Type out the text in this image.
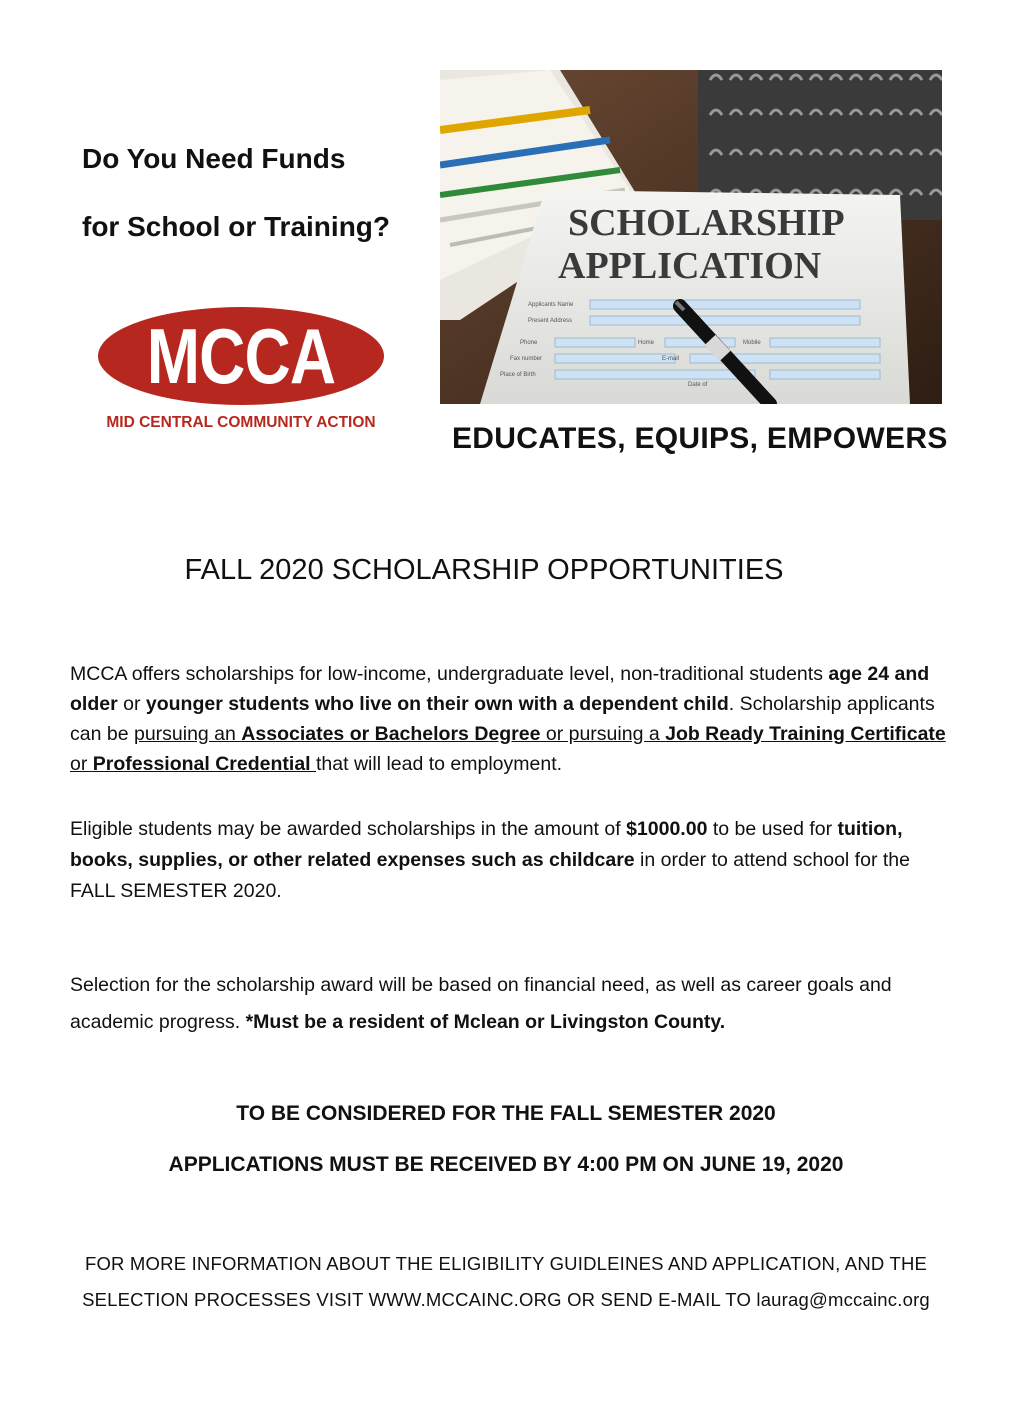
Do You Need Funds
for School or Training?
MCCA
MID CENTRAL COMMUNITY ACTION
Applicants Name
Present Address
Phone	Home	Mobile
Fax number	E-mail
Place of Birth
Date of
SCHOLARSHIP
APPLICATION
EDUCATES, EQUIPS, EMPOWERS
FALL 2020 SCHOLARSHIP OPPORTUNITIES
MCCA offers scholarships for low-income, undergraduate level, non-traditional students age 24 and older or younger students who live on their own with a dependent child. Scholarship applicants can be pursuing an Associates or Bachelors Degree or pursuing a Job Ready Training Certificate or Professional Credential that will lead to employment.
Eligible students may be awarded scholarships in the amount of $1000.00 to be used for tuition, books, supplies, or other related expenses such as childcare in order to attend school for the FALL SEMESTER 2020.
Selection for the scholarship award will be based on financial need, as well as career goals and academic progress. *Must be a resident of Mclean or Livingston County.
TO BE CONSIDERED FOR THE FALL SEMESTER 2020
APPLICATIONS MUST BE RECEIVED BY 4:00 PM ON JUNE 19, 2020
FOR MORE INFORMATION ABOUT THE ELIGIBILITY GUIDLEINES AND APPLICATION, AND THE
SELECTION PROCESSES VISIT WWW.MCCAINC.ORG OR SEND E-MAIL TO laurag@mccainc.org
